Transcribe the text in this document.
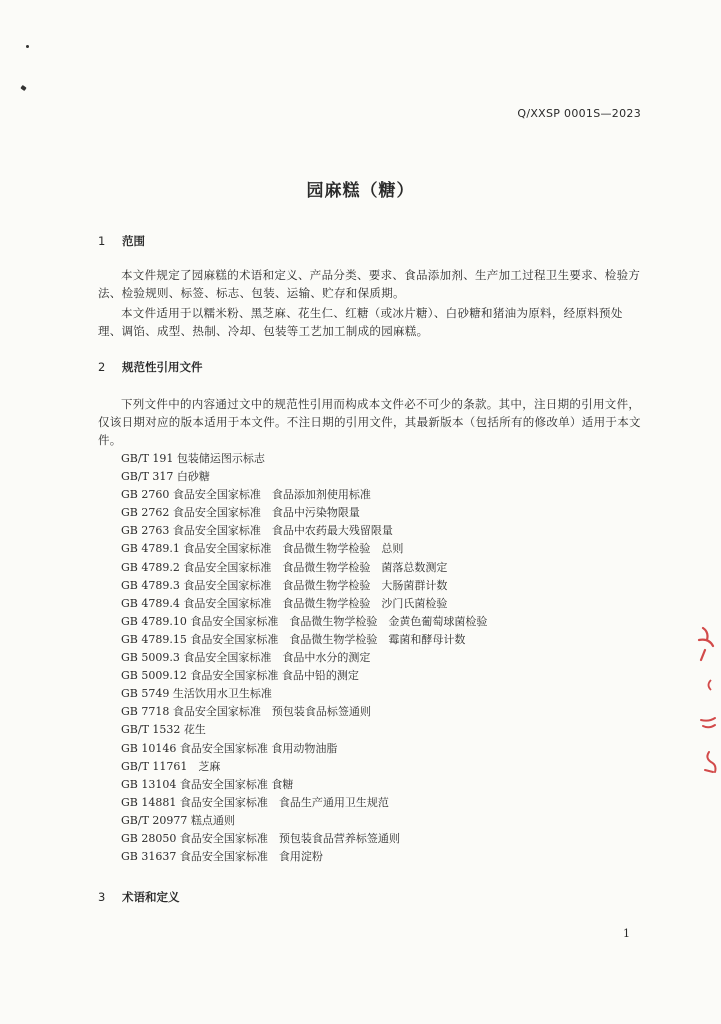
Q/XXSP 0001S—2023
园麻糕（糖）
1 范围
本文件规定了园麻糕的术语和定义、产品分类、要求、食品添加剂、生产加工过程卫生要求、检验方法、检验规则、标签、标志、包装、运输、贮存和保质期。
本文件适用于以糯米粉、黑芝麻、花生仁、红糖（或冰片糖）、白砂糖和猪油为原料，经原料预处理、调馅、成型、热制、冷却、包装等工艺加工制成的园麻糕。
2 规范性引用文件
下列文件中的内容通过文中的规范性引用而构成本文件必不可少的条款。其中，注日期的引用文件，仅该日期对应的版本适用于本文件。不注日期的引用文件，其最新版本（包括所有的修改单）适用于本文件。
GB/T 191 包装储运图示标志
GB/T 317 白砂糖
GB 2760 食品安全国家标准　食品添加剂使用标准
GB 2762 食品安全国家标准　食品中污染物限量
GB 2763 食品安全国家标准　食品中农药最大残留限量
GB 4789.1 食品安全国家标准　食品微生物学检验　总则
GB 4789.2 食品安全国家标准　食品微生物学检验　菌落总数测定
GB 4789.3 食品安全国家标准　食品微生物学检验　大肠菌群计数
GB 4789.4 食品安全国家标准　食品微生物学检验　沙门氏菌检验
GB 4789.10 食品安全国家标准　食品微生物学检验　金黄色葡萄球菌检验
GB 4789.15 食品安全国家标准　食品微生物学检验　霉菌和酵母计数
GB 5009.3 食品安全国家标准　食品中水分的测定
GB 5009.12 食品安全国家标准 食品中铅的测定
GB 5749 生活饮用水卫生标准
GB 7718 食品安全国家标准　预包装食品标签通则
GB/T 1532 花生
GB 10146 食品安全国家标准 食用动物油脂
GB/T 11761　芝麻
GB 13104 食品安全国家标准 食糖
GB 14881 食品安全国家标准　食品生产通用卫生规范
GB/T 20977 糕点通则
GB 28050 食品安全国家标准　预包装食品营养标签通则
GB 31637 食品安全国家标准　食用淀粉
3 术语和定义
1
